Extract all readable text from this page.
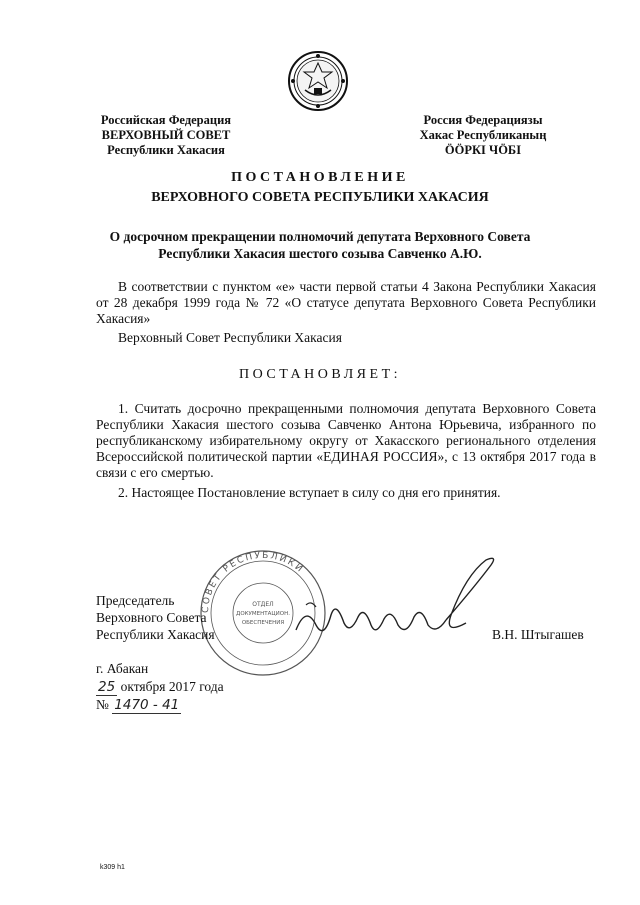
Российская Федерация
ВЕРХОВНЫЙ СОВЕТ
Республики Хакасия
Россия Федерациязы
Хакас Республиканың
ӦӦРКІ ЧӦБІ
ПОСТАНОВЛЕНИЕ
ВЕРХОВНОГО СОВЕТА РЕСПУБЛИКИ ХАКАСИЯ
О досрочном прекращении полномочий депутата Верховного Совета
Республики Хакасия шестого созыва Савченко А.Ю.
В соответствии с пунктом «е» части первой статьи 4 Закона Республики Хакасия от 28 декабря 1999 года № 72 «О статусе депутата Верховного Совета Республики Хакасия»
Верховный Совет Республики Хакасия
ПОСТАНОВЛЯЕТ:
1. Считать досрочно прекращенными полномочия депутата Верховного Совета Республики Хакасия шестого созыва Савченко Антона Юрьевича, избранного по республиканскому избирательному округу от Хакасского регионального отделения Всероссийской политической партии «ЕДИНАЯ РОССИЯ», с 13 октября 2017 года в связи с его смертью.
2. Настоящее Постановление вступает в силу со дня его принятия.
СОВЕТ РЕСПУБЛИКИ
ОТДЕЛ
ДОКУМЕНТАЦИОН.
ОБЕСПЕЧЕНИЯ
Председатель
Верховного Совета
Республики Хакасия	В.Н. Штыгашев
г. Абакан
25 октября 2017 года
№ 1470 - 41
k309 h1
